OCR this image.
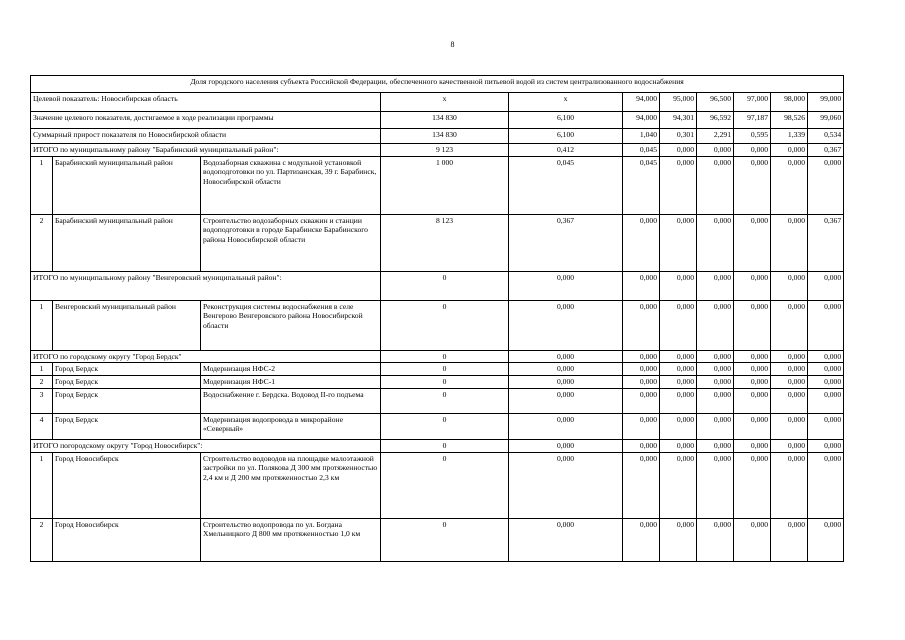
8
Доля городского населения субъекта Российской Федерации, обеспеченного качественной питьевой водой из систем централизованного водоснабжения										
Целевой показатель: Новосибирская область			x	x	94,000	95,000	96,500	97,000	98,000	99,000
Значение целевого показателя, достигаемое в ходе реализации программы			134 830	6,100	94,000	94,301	96,592	97,187	98,526	99,060
Суммарный прирост показателя по Новосибирской области			134 830	6,100	1,040	0,301	2,291	0,595	1,339	0,534
ИТОГО по муниципальному району "Барабинский муниципальный район":			9 123	0,412	0,045	0,000	0,000	0,000	0,000	0,367
1	Барабинский муниципальный район	Водозаборная скважина с модульной установкой водоподготовки по ул. Партизанская, 39 г. Барабинск, Новосибирской области	1 000	0,045	0,045	0,000	0,000	0,000	0,000	0,000
2	Барабинский муниципальный район	Строительство водозаборных скважин и станции водоподготовки в городе Барабинске Барабинского района Новосибирской области	8 123	0,367	0,000	0,000	0,000	0,000	0,000	0,367
ИТОГО по муниципальному району "Венгеровский муниципальный район":			0	0,000	0,000	0,000	0,000	0,000	0,000	0,000
1	Венгеровский муниципальный район	Реконструкция системы водоснабжения в селе Венгерово Венгеровского района Новосибирской области	0	0,000	0,000	0,000	0,000	0,000	0,000	0,000
ИТОГО по городскому округу "Город Бердск"			0	0,000	0,000	0,000	0,000	0,000	0,000	0,000
1	Город Бердск	Модернизация НФС-2	0	0,000	0,000	0,000	0,000	0,000	0,000	0,000
2	Город Бердск	Модернизация НФС-1	0	0,000	0,000	0,000	0,000	0,000	0,000	0,000
3	Город Бердск	Водоснабжение г. Бердска. Водовод II-го подъема	0	0,000	0,000	0,000	0,000	0,000	0,000	0,000
4	Город Бердск	Модернизация водопровода в микрорайоне «Северный»	0	0,000	0,000	0,000	0,000	0,000	0,000	0,000
ИТОГО погородскому округу "Город Новосибирск":			0	0,000	0,000	0,000	0,000	0,000	0,000	0,000
1	Город Новосибирск	Строительство водоводов на площадке малоэтажной застройки по ул. Полякова Д 300 мм протяженностью 2,4 км и Д 200 мм протяженностью 2,3 км	0	0,000	0,000	0,000	0,000	0,000	0,000	0,000
2	Город Новосибирск	Строительство водопровода по ул. Богдана Хмельницкого Д 800 мм протяженностью 1,0 км	0	0,000	0,000	0,000	0,000	0,000	0,000	0,000
